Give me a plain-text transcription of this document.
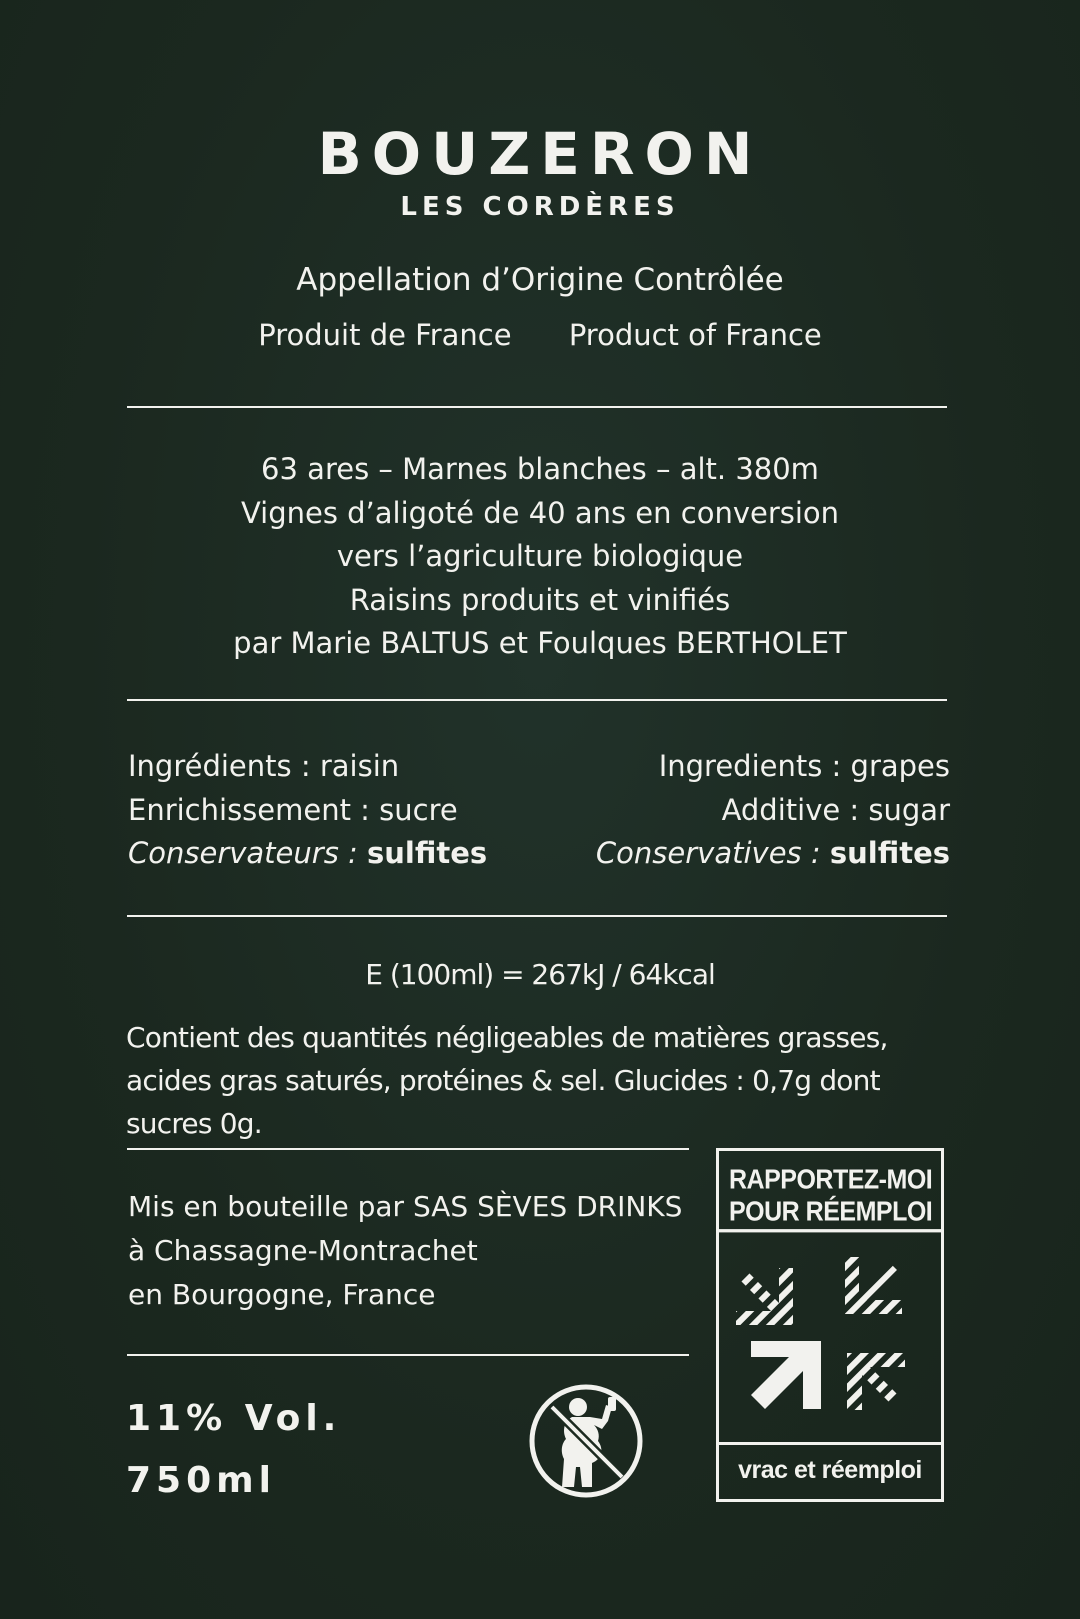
BOUZERON
LES CORDÈRES
Appellation d’Origine Contrôlée
Produit de France Product of France
63 ares – Marnes blanches – alt. 380m
Vignes d’aligoté de 40 ans en conversion
vers l’agriculture biologique
Raisins produits et vinifiés
par Marie BALTUS et Foulques BERTHOLET
Ingrédients : raisin
Enrichissement : sucre
Conservateurs : sulfites
Ingredients : grapes
Additive : sugar
Conservatives : sulfites
E (100ml) = 267kJ / 64kcal
Contient des quantités négligeables de matières grasses, acides gras saturés, protéines & sel. Glucides : 0,7g dont sucres 0g.
Mis en bouteille par SAS SÈVES DRINKS
à Chassagne-Montrachet
en Bourgogne, France
11% Vol.
750ml
RAPPORTEZ-MOI
POUR RÉEMPLOI
vrac et réemploi
